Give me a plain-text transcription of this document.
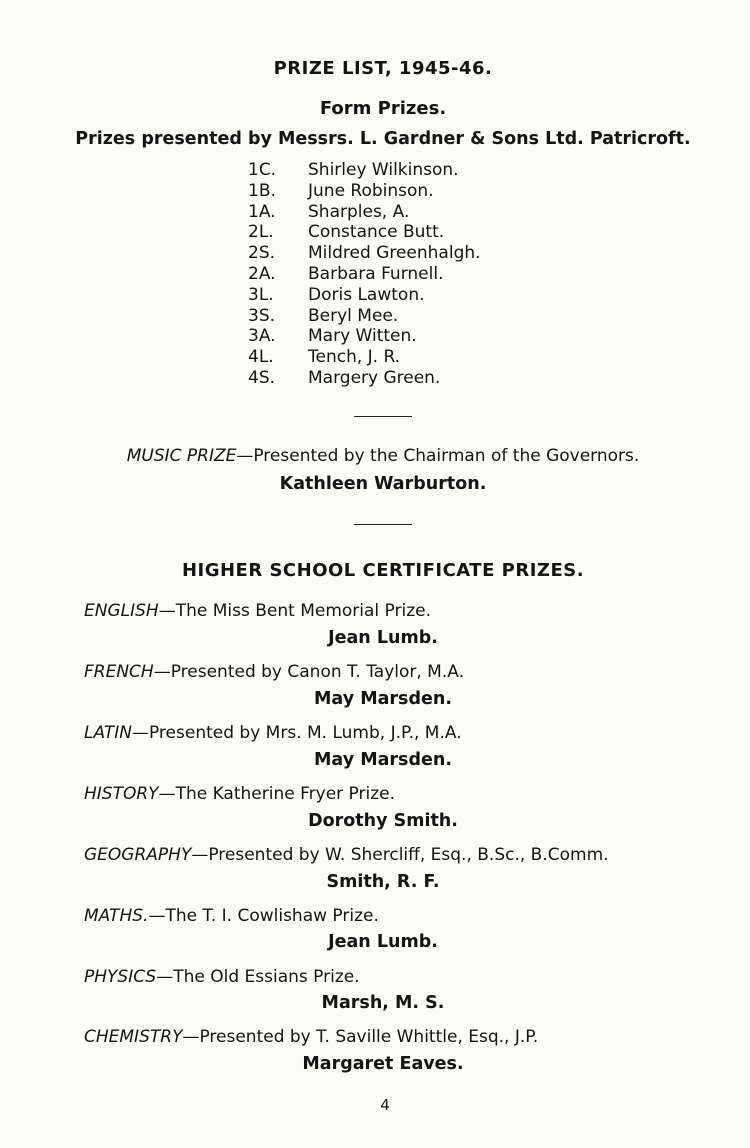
PRIZE LIST, 1945-46.
Form Prizes.
Prizes presented by Messrs. L. Gardner & Sons Ltd. Patricroft.
1C.	Shirley Wilkinson.
1B.	June Robinson.
1A.	Sharples, A.
2L.	Constance Butt.
2S.	Mildred Greenhalgh.
2A.	Barbara Furnell.
3L.	Doris Lawton.
3S.	Beryl Mee.
3A.	Mary Witten.
4L.	Tench, J. R.
4S.	Margery Green.
MUSIC PRIZE—Presented by the Chairman of the Governors.
Kathleen Warburton.
HIGHER SCHOOL CERTIFICATE PRIZES.
ENGLISH—The Miss Bent Memorial Prize.
Jean Lumb.
FRENCH—Presented by Canon T. Taylor, M.A.
May Marsden.
LATIN—Presented by Mrs. M. Lumb, J.P., M.A.
May Marsden.
HISTORY—The Katherine Fryer Prize.
Dorothy Smith.
GEOGRAPHY—Presented by W. Shercliff, Esq., B.Sc., B.Comm.
Smith, R. F.
MATHS.—The T. I. Cowlishaw Prize.
Jean Lumb.
PHYSICS—The Old Essians Prize.
Marsh, M. S.
CHEMISTRY—Presented by T. Saville Whittle, Esq., J.P.
Margaret Eaves.
4
